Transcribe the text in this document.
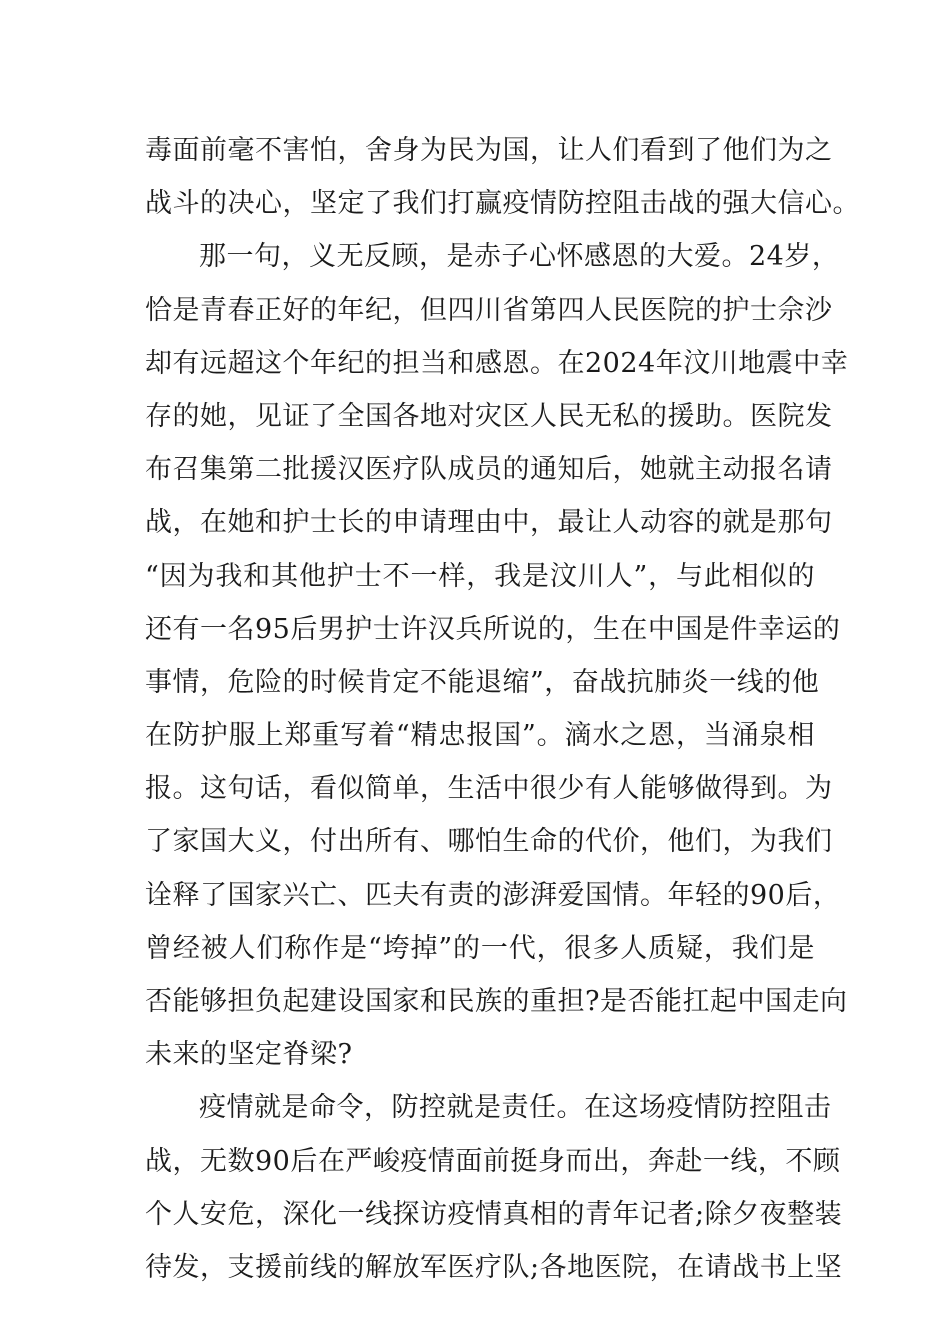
毒面前毫不害怕，舍身为民为国，让人们看到了他们为之
战斗的决心，坚定了我们打赢疫情防控阻击战的强大信心。
那一句，义无反顾，是赤子心怀感恩的大爱。24岁，
恰是青春正好的年纪，但四川省第四人民医院的护士佘沙
却有远超这个年纪的担当和感恩。在2024年汶川地震中幸
存的她，见证了全国各地对灾区人民无私的援助。医院发
布召集第二批援汉医疗队成员的通知后，她就主动报名请
战，在她和护士长的申请理由中，最让人动容的就是那句
“因为我和其他护士不一样，我是汶川人”，与此相似的
还有一名95后男护士许汉兵所说的，生在中国是件幸运的
事情，危险的时候肯定不能退缩”，奋战抗肺炎一线的他
在防护服上郑重写着“精忠报国”。滴水之恩，当涌泉相
报。这句话，看似简单，生活中很少有人能够做得到。为
了家国大义，付出所有、哪怕生命的代价，他们，为我们
诠释了国家兴亡、匹夫有责的澎湃爱国情。年轻的90后，
曾经被人们称作是“垮掉”的一代，很多人质疑，我们是
否能够担负起建设国家和民族的重担?是否能扛起中国走向
未来的坚定脊梁?
疫情就是命令，防控就是责任。在这场疫情防控阻击
战，无数90后在严峻疫情面前挺身而出，奔赴一线，不顾
个人安危，深化一线探访疫情真相的青年记者;除夕夜整装
待发，支援前线的解放军医疗队;各地医院，在请战书上坚
